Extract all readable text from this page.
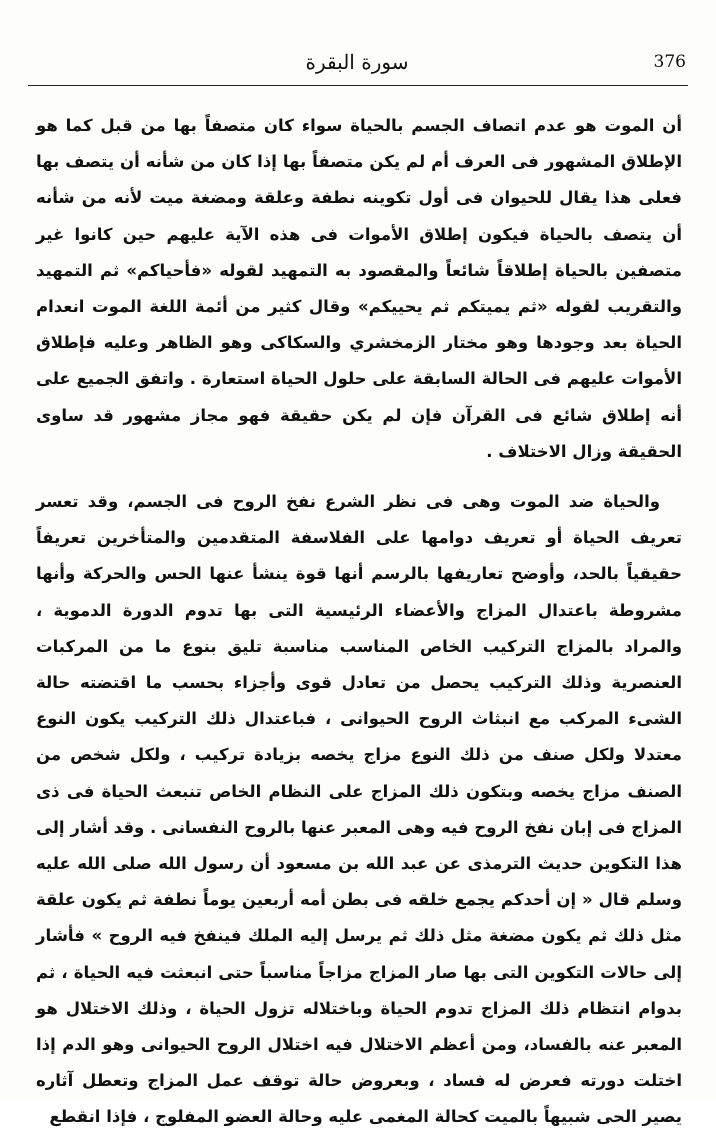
376
سورة البقرة

أن الموت هو عدم اتصاف الجسم بالحياة سواء كان متصفاً بها من قبل كما هو الإطلاق المشهور فى العرف أم لم يكن متصفاً بها إذا كان من شأنه أن يتصف بها فعلى هذا يقال للحيوان فى أول تكوينه نطفة وعلقة ومضغة ميت لأنه من شأنه أن يتصف بالحياة فيكون إطلاق الأموات فى هذه الآية عليهم حين كانوا غير متصفين بالحياة إطلاقاً شائعاً والمقصود به التمهيد لقوله «فأحياكم» ثم التمهيد والتقريب لقوله «ثم يميتكم ثم يحييكم» وقال كثير من أئمة اللغة الموت انعدام الحياة بعد وجودها وهو مختار الزمخشري والسكاكى وهو الظاهر وعليه فإطلاق الأموات عليهم فى الحالة السابقة على حلول الحياة استعارة . واتفق الجميع على أنه إطلاق شائع فى القرآن فإن لم يكن حقيقة فهو مجاز مشهور قد ساوى الحقيقة وزال الاختلاف .

والحياة ضد الموت وهى فى نظر الشرع نفخ الروح فى الجسم، وقد تعسر تعريف الحياة أو تعريف دوامها على الفلاسفة المتقدمين والمتأخرين تعريفاً حقيقياً بالحد، وأوضح تعاريفها بالرسم أنها قوة ينشأ عنها الحس والحركة وأنها مشروطة باعتدال المزاج والأعضاء الرئيسية التى بها تدوم الدورة الدموية ، والمراد بالمزاج التركيب الخاص المناسب مناسبة تليق بنوع ما من المركبات العنصرية وذلك التركيب يحصل من تعادل قوى وأجزاء بحسب ما اقتضته حالة الشىء المركب مع انبثاث الروح الحيوانى ، فباعتدال ذلك التركيب يكون النوع معتدلا ولكل صنف من ذلك النوع مزاج يخصه بزيادة تركيب ، ولكل شخص من الصنف مزاج يخصه وبتكون ذلك المزاج على النظام الخاص تنبعث الحياة فى ذى المزاج فى إبان نفخ الروح فيه وهى المعبر عنها بالروح النفسانى . وقد أشار إلى هذا التكوين حديث الترمذى عن عبد الله بن مسعود أن رسول الله صلى الله عليه وسلم قال « إن أحدكم يجمع خلقه فى بطن أمه أربعين يوماً نطفة ثم يكون علقة مثل ذلك ثم يكون مضغة مثل ذلك ثم يرسل إليه الملك فينفخ فيه الروح » فأشار إلى حالات التكوين التى بها صار المزاج مزاجاً مناسباً حتى انبعثت فيه الحياة ، ثم بدوام انتظام ذلك المزاج تدوم الحياة وباختلاله تزول الحياة ، وذلك الاختلال هو المعبر عنه بالفساد، ومن أعظم الاختلال فيه اختلال الروح الحيوانى وهو الدم إذا اختلت دورته فعرض له فساد ، وبعروض حالة توقف عمل المزاج وتعطل آثاره يصير الحى شبيهاً بالميت كحالة المغمى عليه وحالة العضو المفلوج ، فإذا انقطع
